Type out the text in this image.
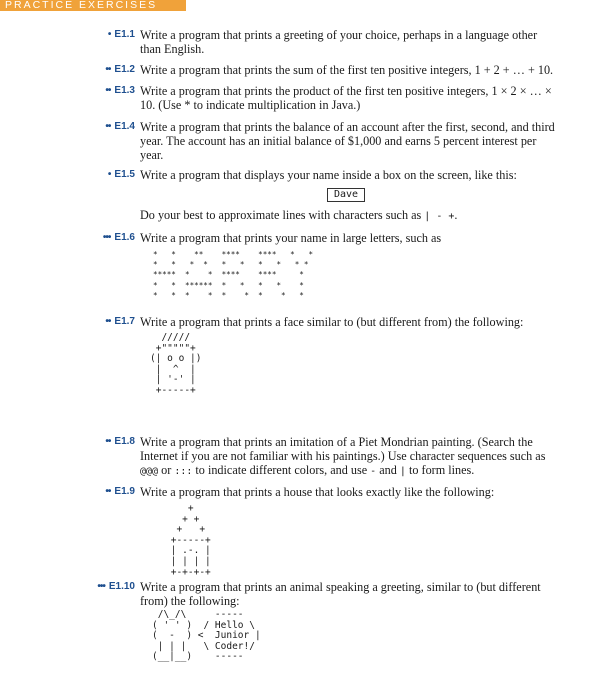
PRACTICE EXERCISES
• E1.1 Write a program that prints a greeting of your choice, perhaps in a language other than English.
•• E1.2 Write a program that prints the sum of the first ten positive integers, 1 + 2 + … + 10.
•• E1.3 Write a program that prints the product of the first ten positive integers, 1 × 2 × … × 10. (Use * to indicate multiplication in Java.)
•• E1.4 Write a program that prints the balance of an account after the first, second, and third year. The account has an initial balance of $1,000 and earns 5 percent interest per year.
• E1.5 Write a program that displays your name inside a box on the screen, like this:
Dave
Do your best to approximate lines with characters such as | - +.
••• E1.6 Write a program that prints your name in large letters, such as
*   *    **    ****    ****   *   *
*   *   *  *   *   *   *   *   * *
*****  *    *  ****    ****     *
*   *  ******  *   *   *   *    *
*   *  *    *  *    *  *    *   *
•• E1.7 Write a program that prints a face similar to (but different from) the following:
/////
+"""""+
(| o o |)
|  ^  |
| '-' |
+-----+
•• E1.8 Write a program that prints an imitation of a Piet Mondrian painting. (Search the Internet if you are not familiar with his paintings.) Use character sequences such as @@@ or ::: to indicate different colors, and use - and | to form lines.
•• E1.9 Write a program that prints a house that looks exactly like the following:
+
+ +
+   +
+-----+
| .-. |
| | | |
+-+-+-+
••• E1.10 Write a program that prints an animal speaking a greeting, similar to (but different from) the following:
/\_/\     -----
( ' ' )  / Hello \
(  -  ) <  Junior |
| | |   \ Coder!/
(__|__)    -----
